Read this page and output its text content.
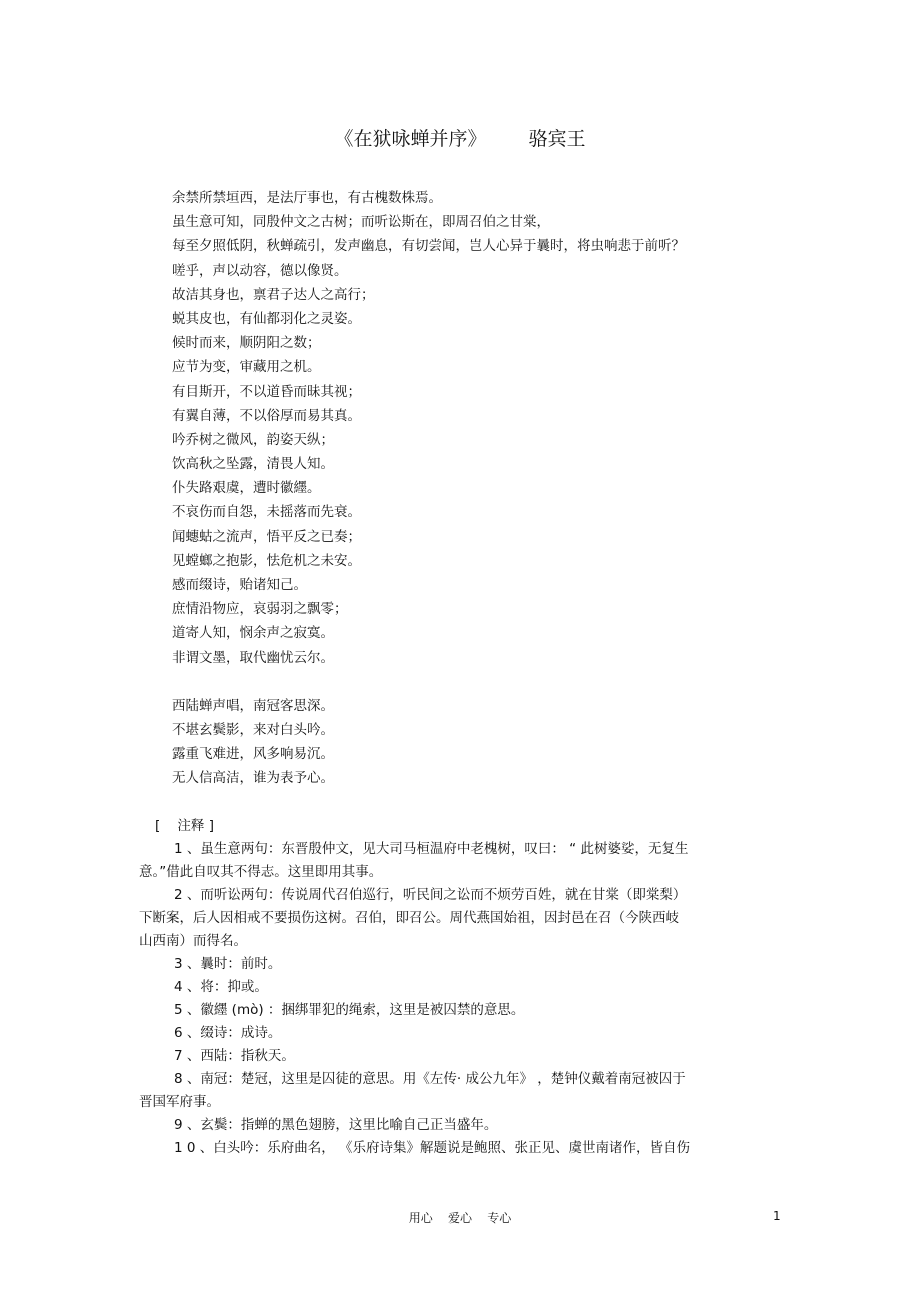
《在狱咏蝉并序》 骆宾王
余禁所禁垣西，是法厅事也，有古槐数株焉。
虽生意可知，同殷仲文之古树；而听讼斯在，即周召伯之甘棠，
每至夕照低阴，秋蝉疏引，发声幽息，有切尝闻，岂人心异于曩时，将虫响悲于前听？
嗟乎，声以动容，德以像贤。
故洁其身也，禀君子达人之高行；
蜕其皮也，有仙都羽化之灵姿。
候时而来，顺阴阳之数；
应节为变，审藏用之机。
有目斯开，不以道昏而昧其视；
有翼自薄，不以俗厚而易其真。
吟乔树之微风，韵姿天纵；
饮高秋之坠露，清畏人知。
仆失路艰虞，遭时徽纆。
不哀伤而自怨，未摇落而先衰。
闻蟪蛄之流声，悟平反之已奏；
见螳螂之抱影，怯危机之未安。
感而缀诗，贻诸知己。
庶情沿物应，哀弱羽之飘零；
道寄人知，悯余声之寂寞。
非谓文墨，取代幽忧云尔。
西陆蝉声唱，南冠客思深。
不堪玄鬓影，来对白头吟。
露重飞难进，风多响易沉。
无人信高洁，谁为表予心。
[    注释 ]

1 、虽生意两句：东晋殷仲文，见大司马桓温府中老槐树，叹曰： “ 此树婆娑，无复生
意。”借此自叹其不得志。这里即用其事。

2 、而听讼两句：传说周代召伯巡行，听民间之讼而不烦劳百姓，就在甘棠（即棠梨）
下断案，后人因相戒不要损伤这树。召伯，即召公。周代燕国始祖，因封邑在召（今陕西岐
山西南）而得名。

3 、曩时：前时。

4 、将：抑或。

5 、徽纆 (mò) ：捆绑罪犯的绳索，这里是被囚禁的意思。

6 、缀诗：成诗。

7 、西陆：指秋天。

8 、南冠：楚冠，这里是囚徒的意思。用《左传· 成公九年》 ，楚钟仪戴着南冠被囚于
晋国军府事。

9 、玄鬓：指蝉的黑色翅膀，这里比喻自己正当盛年。

1 0 、白头吟：乐府曲名， 《乐府诗集》解题说是鲍照、张正见、虞世南诸作，皆自伤

用心    爱心    专心	1
